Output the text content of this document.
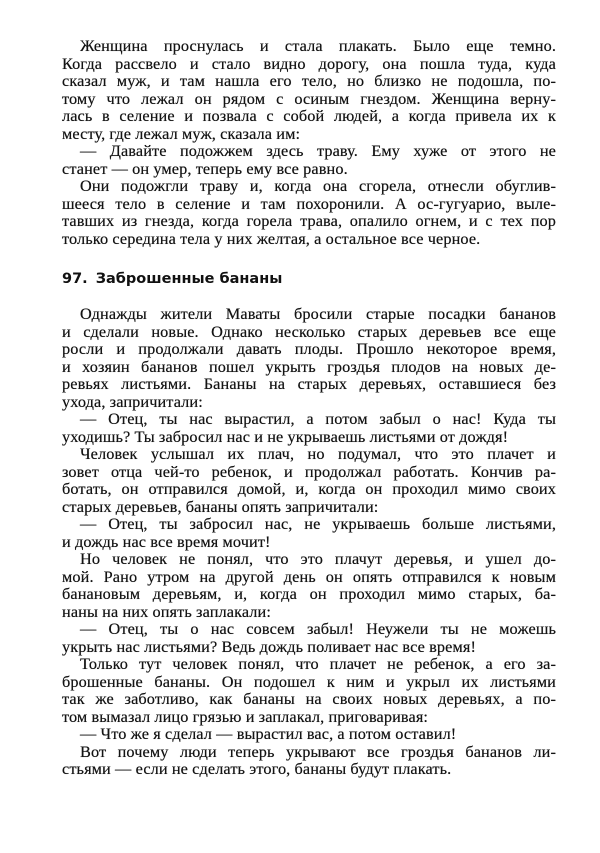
Женщина проснулась и стала плакать. Было еще темно.
Когда рассвело и стало видно дорогу, она пошла туда, куда
сказал муж, и там нашла его тело, но близко не подошла, по-
тому что лежал он рядом с осиным гнездом. Женщина верну-
лась в селение и позвала с собой людей, а когда привела их к
месту, где лежал муж, сказала им:
— Давайте подожжем здесь траву. Ему хуже от этого не
станет — он умер, теперь ему все равно.
Они подожгли траву и, когда она сгорела, отнесли обуглив-
шееся тело в селение и там похоронили. А ос-гугуарио, выле-
тавших из гнезда, когда горела трава, опалило огнем, и с тех пор
только середина тела у них желтая, а остальное все черное.
97. Заброшенные бананы
Однажды жители Маваты бросили старые посадки бананов
и сделали новые. Однако несколько старых деревьев все еще
росли и продолжали давать плоды. Прошло некоторое время,
и хозяин бананов пошел укрыть гроздья плодов на новых де-
ревьях листьями. Бананы на старых деревьях, оставшиеся без
ухода, запричитали:
— Отец, ты нас вырастил, а потом забыл о нас! Куда ты
уходишь? Ты забросил нас и не укрываешь листьями от дождя!
Человек услышал их плач, но подумал, что это плачет и
зовет отца чей-то ребенок, и продолжал работать. Кончив ра-
ботать, он отправился домой, и, когда он проходил мимо своих
старых деревьев, бананы опять запричитали:
— Отец, ты забросил нас, не укрываешь больше листьями,
и дождь нас все время мочит!
Но человек не понял, что это плачут деревья, и ушел до-
мой. Рано утром на другой день он опять отправился к новым
банановым деревьям, и, когда он проходил мимо старых, ба-
наны на них опять заплакали:
— Отец, ты о нас совсем забыл! Неужели ты не можешь
укрыть нас листьями? Ведь дождь поливает нас все время!
Только тут человек понял, что плачет не ребенок, а его за-
брошенные бананы. Он подошел к ним и укрыл их листьями
так же заботливо, как бананы на своих новых деревьях, а по-
том вымазал лицо грязью и заплакал, приговаривая:
— Что же я сделал — вырастил вас, а потом оставил!
Вот почему люди теперь укрывают все гроздья бананов ли-
стьями — если не сделать этого, бананы будут плакать.
